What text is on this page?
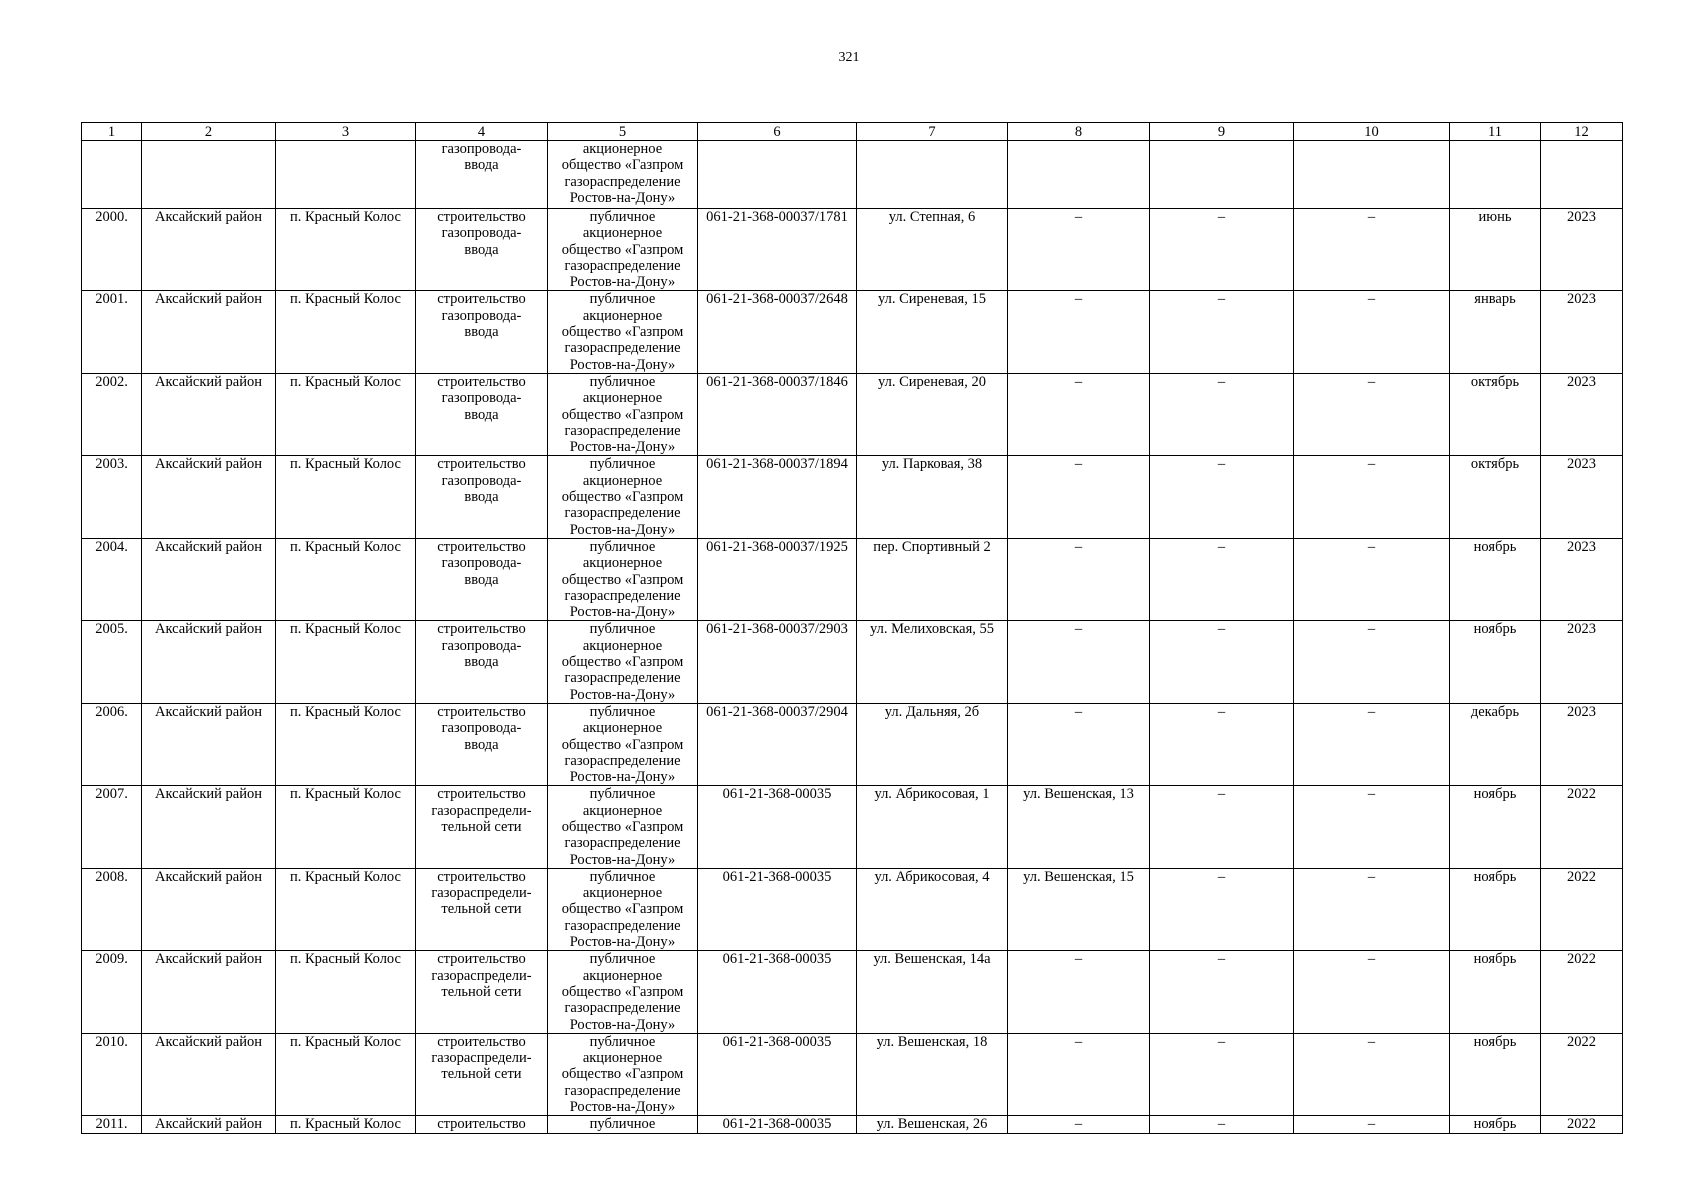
321
1	2	3	4	5	6	7	8	9	10	11	12
			газопровода-
ввода	акционерное
общество «Газпром
газораспределение
Ростов-на-Дону»							
2000.	Аксайский район	п. Красный Колос	строительство
газопровода-
ввода	публичное
акционерное
общество «Газпром
газораспределение
Ростов-на-Дону»	061-21-368-00037/1781	ул. Степная, 6	–	–	–	июнь	2023
2001.	Аксайский район	п. Красный Колос	строительство
газопровода-
ввода	публичное
акционерное
общество «Газпром
газораспределение
Ростов-на-Дону»	061-21-368-00037/2648	ул. Сиреневая, 15	–	–	–	январь	2023
2002.	Аксайский район	п. Красный Колос	строительство
газопровода-
ввода	публичное
акционерное
общество «Газпром
газораспределение
Ростов-на-Дону»	061-21-368-00037/1846	ул. Сиреневая, 20	–	–	–	октябрь	2023
2003.	Аксайский район	п. Красный Колос	строительство
газопровода-
ввода	публичное
акционерное
общество «Газпром
газораспределение
Ростов-на-Дону»	061-21-368-00037/1894	ул. Парковая, 38	–	–	–	октябрь	2023
2004.	Аксайский район	п. Красный Колос	строительство
газопровода-
ввода	публичное
акционерное
общество «Газпром
газораспределение
Ростов-на-Дону»	061-21-368-00037/1925	пер. Спортивный 2	–	–	–	ноябрь	2023
2005.	Аксайский район	п. Красный Колос	строительство
газопровода-
ввода	публичное
акционерное
общество «Газпром
газораспределение
Ростов-на-Дону»	061-21-368-00037/2903	ул. Мелиховская, 55	–	–	–	ноябрь	2023
2006.	Аксайский район	п. Красный Колос	строительство
газопровода-
ввода	публичное
акционерное
общество «Газпром
газораспределение
Ростов-на-Дону»	061-21-368-00037/2904	ул. Дальняя, 2б	–	–	–	декабрь	2023
2007.	Аксайский район	п. Красный Колос	строительство
газораспредели-
тельной сети	публичное
акционерное
общество «Газпром
газораспределение
Ростов-на-Дону»	061-21-368-00035	ул. Абрикосовая, 1	ул. Вешенская, 13	–	–	ноябрь	2022
2008.	Аксайский район	п. Красный Колос	строительство
газораспредели-
тельной сети	публичное
акционерное
общество «Газпром
газораспределение
Ростов-на-Дону»	061-21-368-00035	ул. Абрикосовая, 4	ул. Вешенская, 15	–	–	ноябрь	2022
2009.	Аксайский район	п. Красный Колос	строительство
газораспредели-
тельной сети	публичное
акционерное
общество «Газпром
газораспределение
Ростов-на-Дону»	061-21-368-00035	ул. Вешенская, 14а	–	–	–	ноябрь	2022
2010.	Аксайский район	п. Красный Колос	строительство
газораспредели-
тельной сети	публичное
акционерное
общество «Газпром
газораспределение
Ростов-на-Дону»	061-21-368-00035	ул. Вешенская, 18	–	–	–	ноябрь	2022
2011.	Аксайский район	п. Красный Колос	строительство	публичное	061-21-368-00035	ул. Вешенская, 26	–	–	–	ноябрь	2022
